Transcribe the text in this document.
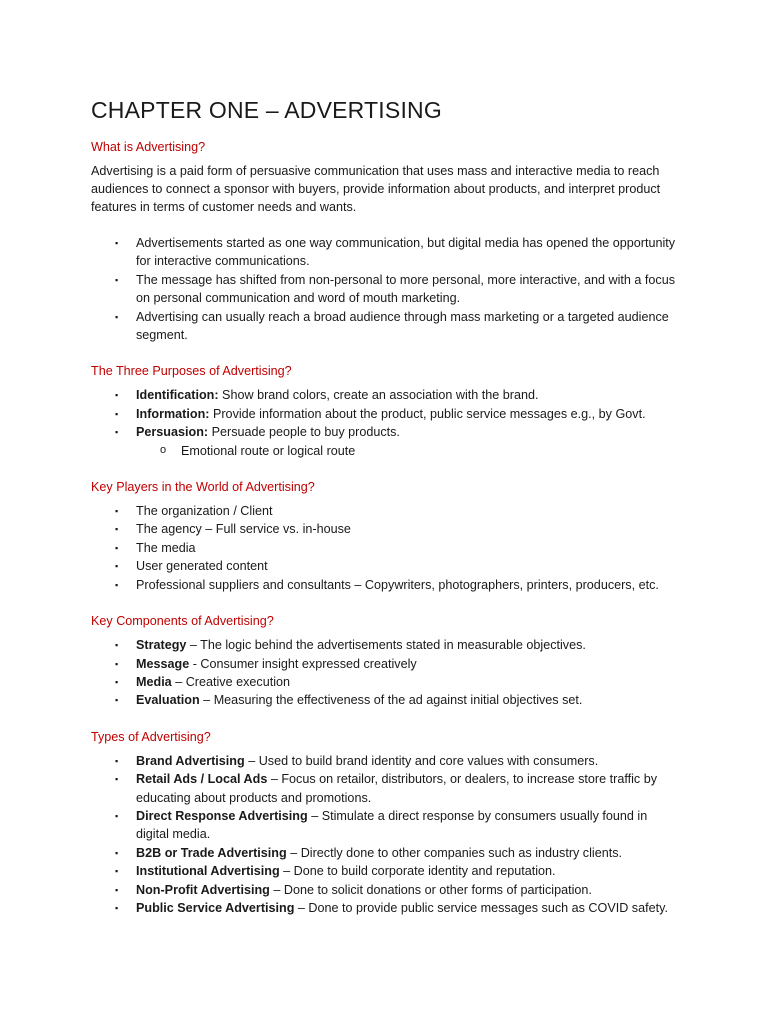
CHAPTER ONE – ADVERTISING
What is Advertising?

Advertising is a paid form of persuasive communication that uses mass and interactive media to reach audiences to connect a sponsor with buyers, provide information about products, and interpret product features in terms of customer needs and wants.

▪ Advertisements started as one way communication, but digital media has opened the opportunity for interactive communications.
▪ The message has shifted from non-personal to more personal, more interactive, and with a focus on personal communication and word of mouth marketing.
▪ Advertising can usually reach a broad audience through mass marketing or a targeted audience segment.
The Three Purposes of Advertising?
▪ Identification: Show brand colors, create an association with the brand.
▪ Information: Provide information about the product, public service messages e.g., by Govt.
▪ Persuasion: Persuade people to buy products.
o Emotional route or logical route
Key Players in the World of Advertising?
▪ The organization / Client
▪ The agency – Full service vs. in-house
▪ The media
▪ User generated content
▪ Professional suppliers and consultants – Copywriters, photographers, printers, producers, etc.
Key Components of Advertising?
▪ Strategy – The logic behind the advertisements stated in measurable objectives.
▪ Message - Consumer insight expressed creatively
▪ Media – Creative execution
▪ Evaluation – Measuring the effectiveness of the ad against initial objectives set.
Types of Advertising?
▪ Brand Advertising – Used to build brand identity and core values with consumers.
▪ Retail Ads / Local Ads – Focus on retailor, distributors, or dealers, to increase store traffic by educating about products and promotions.
▪ Direct Response Advertising – Stimulate a direct response by consumers usually found in digital media.
▪ B2B or Trade Advertising – Directly done to other companies such as industry clients.
▪ Institutional Advertising – Done to build corporate identity and reputation.
▪ Non-Profit Advertising – Done to solicit donations or other forms of participation.
▪ Public Service Advertising – Done to provide public service messages such as COVID safety.
